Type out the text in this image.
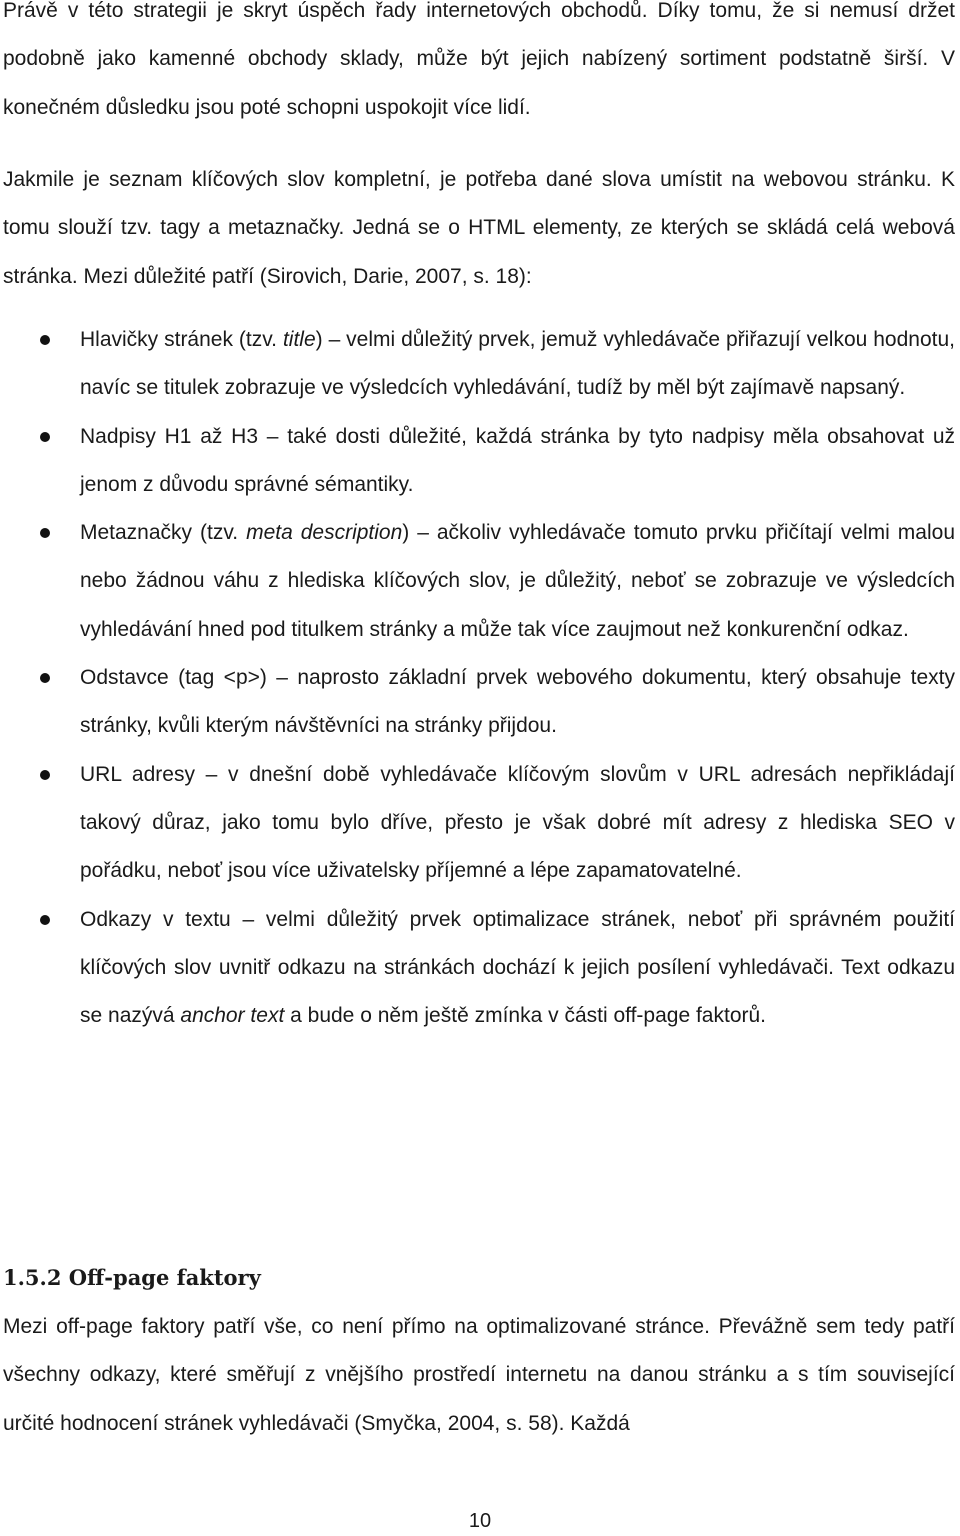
Právě v této strategii je skryt úspěch řady internetových obchodů. Díky tomu, že si nemusí držet podobně jako kamenné obchody sklady, může být jejich nabízený sortiment podstatně širší. V konečném důsledku jsou poté schopni uspokojit více lidí.

Jakmile je seznam klíčových slov kompletní, je potřeba dané slova umístit na webovou stránku. K tomu slouží tzv. tagy a metaznačky. Jedná se o HTML elementy, ze kterých se skládá celá webová stránka. Mezi důležité patří (Sirovich, Darie, 2007, s. 18):

Hlavičky stránek (tzv. title) – velmi důležitý prvek, jemuž vyhledávače přiřazují velkou hodnotu, navíc se titulek zobrazuje ve výsledcích vyhledávání, tudíž by měl být zajímavě napsaný.
Nadpisy H1 až H3 – také dosti důležité, každá stránka by tyto nadpisy měla obsahovat už jenom z důvodu správné sémantiky.
Metaznačky (tzv. meta description) – ačkoliv vyhledávače tomuto prvku přičítají velmi malou nebo žádnou váhu z hlediska klíčových slov, je důležitý, neboť se zobrazuje ve výsledcích vyhledávání hned pod titulkem stránky a může tak více zaujmout než konkurenční odkaz.
Odstavce (tag <p>) – naprosto základní prvek webového dokumentu, který obsahuje texty stránky, kvůli kterým návštěvníci na stránky přijdou.
URL adresy – v dnešní době vyhledávače klíčovým slovům v URL adresách nepřikládají takový důraz, jako tomu bylo dříve, přesto je však dobré mít adresy z hlediska SEO v pořádku, neboť jsou více uživatelsky příjemné a lépe zapamatovatelné.
Odkazy v textu – velmi důležitý prvek optimalizace stránek, neboť při správném použití klíčových slov uvnitř odkazu na stránkách dochází k jejich posílení vyhledávači. Text odkazu se nazývá anchor text a bude o něm ještě zmínka v části off-page faktorů.
1.5.2 Off-page faktory

Mezi off-page faktory patří vše, co není přímo na optimalizované stránce. Převážně sem tedy patří všechny odkazy, které směřují z vnějšího prostředí internetu na danou stránku a s tím související určité hodnocení stránek vyhledávači (Smyčka, 2004, s. 58). Každá

10
